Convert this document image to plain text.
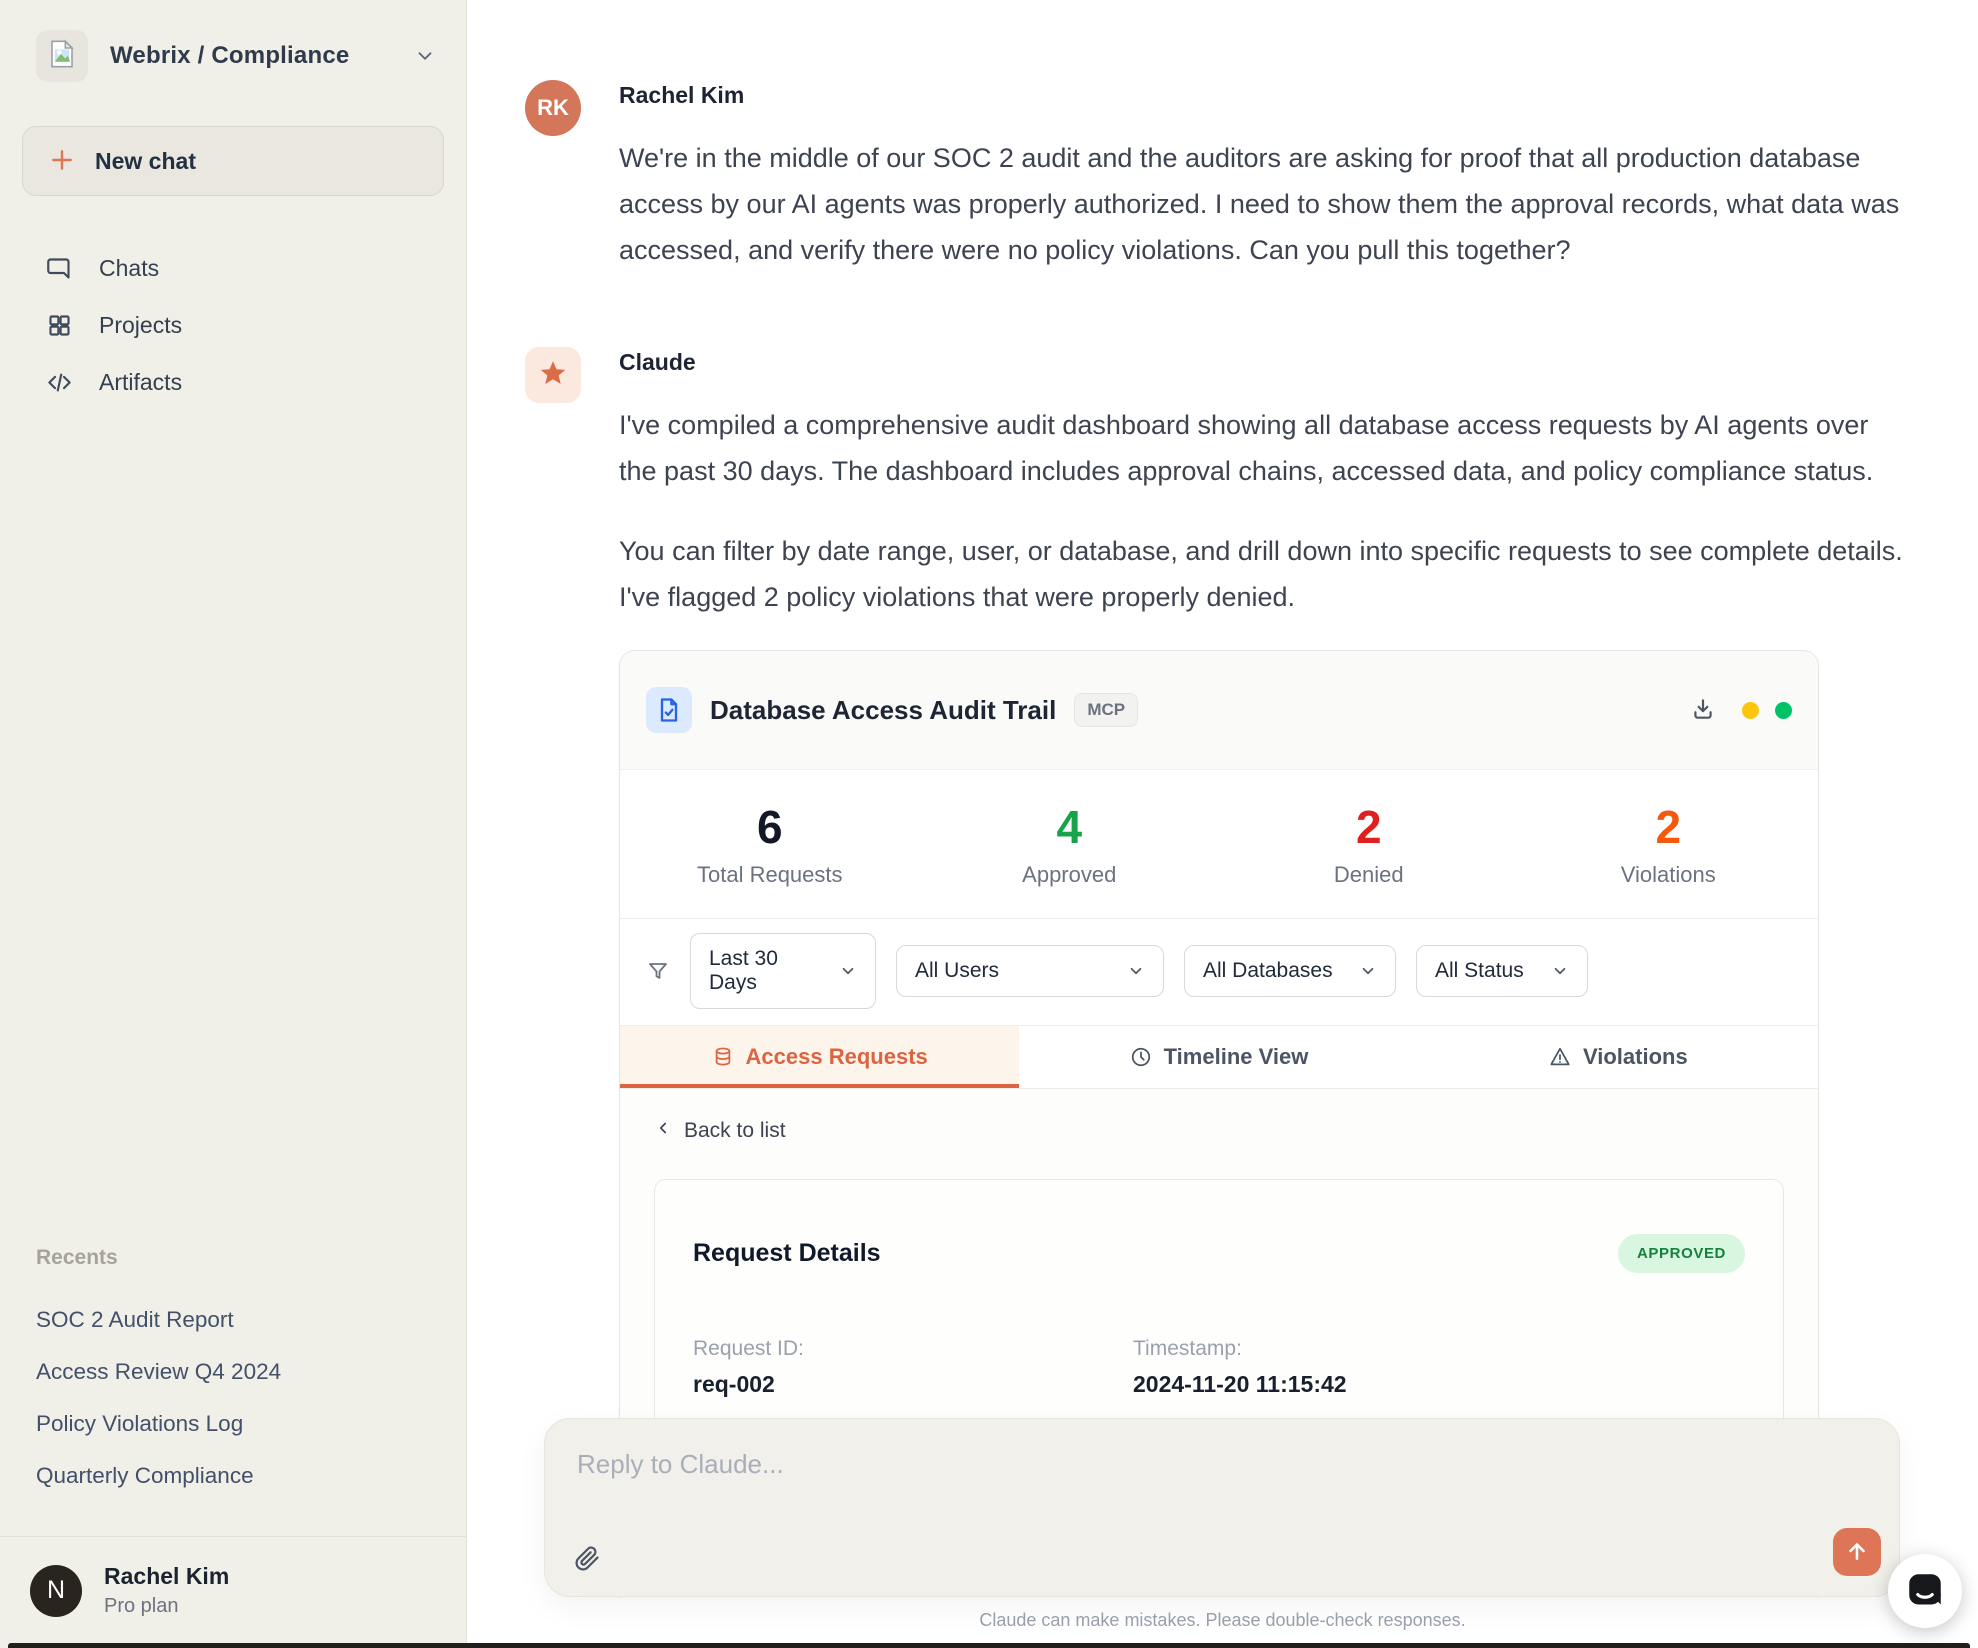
Webrix / Compliance
New chat
Chats
Projects
Artifacts
Recents
SOC 2 Audit Report
Access Review Q4 2024
Policy Violations Log
Quarterly Compliance
N	Rachel Kim
Pro plan
RK	Rachel Kim

We're in the middle of our SOC 2 audit and the auditors are asking for proof that all production database access by our AI agents was properly authorized. I need to show them the approval records, what data was accessed, and verify there were no policy violations. Can you pull this together?

Claude

I've compiled a comprehensive audit dashboard showing all database access requests by AI agents over the past 30 days. The dashboard includes approval chains, accessed data, and policy compliance status.

You can filter by date range, user, or database, and drill down into specific requests to see complete details. I've flagged 2 policy violations that were properly denied.

Database Access Audit Trail	MCP
6
Total Requests
4
Approved
2
Denied
2
Violations
Last 30 Days
All Users	All Databases	All Status
Access Requests	Timeline View	Violations
Back to list
Request Details	APPROVED
Request ID:
req-002
Timestamp:
2024-11-20 11:15:42
Claude can make mistakes. Please double-check responses.
Reply to Claude...
